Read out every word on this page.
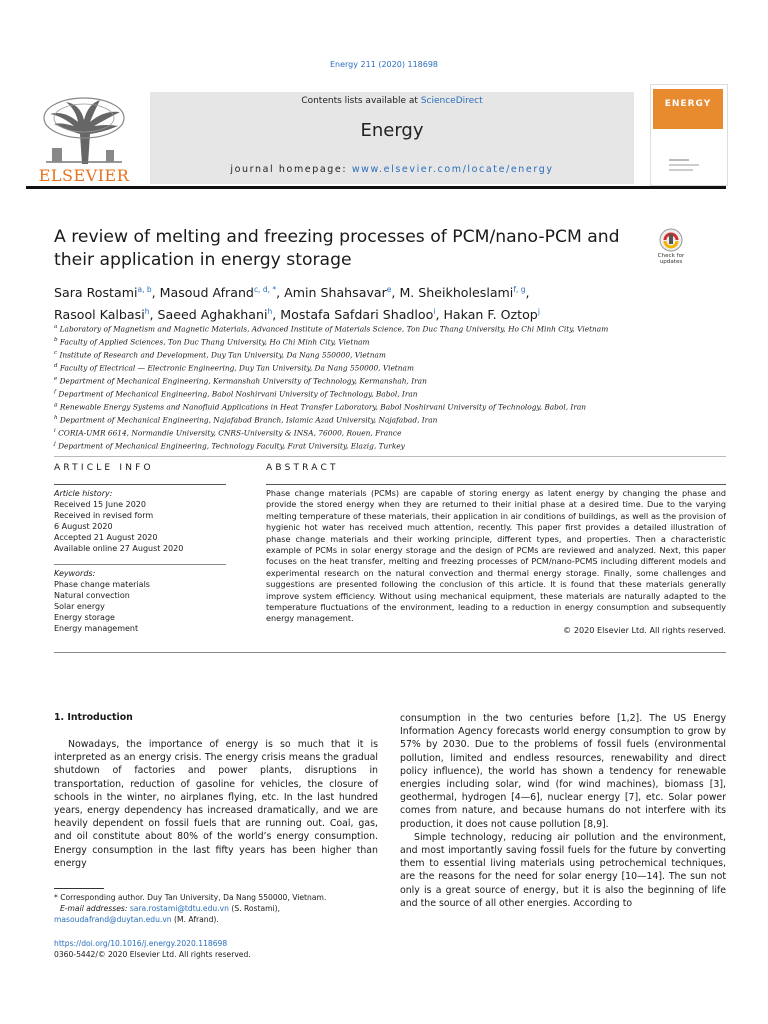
Energy 211 (2020) 118698
ELSEVIER
Contents lists available at ScienceDirect
Energy
journal homepage: www.elsevier.com/locate/energy
ENERGY
A review of melting and freezing processes of PCM/nano-PCM and their application in energy storage	Check for updates
Sara Rostami$^{a, b}$, Masoud Afrand$^{c, d, *}$, Amin Shahsavar$^e$, M. Sheikholeslami$^{f, g}$,
Rasool Kalbasi$^h$, Saeed Aghakhani$^h$, Mostafa Safdari Shadloo$^i$, Hakan F. Oztop$^j$
$^a$ Laboratory of Magnetism and Magnetic Materials, Advanced Institute of Materials Science, Ton Duc Thang University, Ho Chi Minh City, Vietnam
$^b$ Faculty of Applied Sciences, Ton Duc Thang University, Ho Chi Minh City, Vietnam
$^c$ Institute of Research and Development, Duy Tan University, Da Nang 550000, Vietnam
$^d$ Faculty of Electrical — Electronic Engineering, Duy Tan University, Da Nang 550000, Vietnam
$^e$ Department of Mechanical Engineering, Kermanshah University of Technology, Kermanshah, Iran
$^f$ Department of Mechanical Engineering, Babol Noshirvani University of Technology, Babol, Iran
$^g$ Renewable Energy Systems and Nanofluid Applications in Heat Transfer Laboratory, Babol Noshirvani University of Technology, Babol, Iran
$^h$ Department of Mechanical Engineering, Najafabad Branch, Islamic Azad University, Najafabad, Iran
$^i$ CORIA-UMR 6614, Normandie University, CNRS-University & INSA, 76000, Rouen, France
$^j$ Department of Mechanical Engineering, Technology Faculty, Fırat University, Elazig, Turkey
ARTICLE INFO	ABSTRACT
Article history:
Received 15 June 2020
Received in revised form
6 August 2020
Accepted 21 August 2020
Available online 27 August 2020
Keywords:
Phase change materials
Natural convection
Solar energy
Energy storage
Energy management
Phase change materials (PCMs) are capable of storing energy as latent energy by changing the phase and provide the stored energy when they are returned to their initial phase at a desired time. Due to the varying melting temperature of these materials, their application in air conditions of buildings, as well as the provision of hygienic hot water has received much attention, recently. This paper first provides a detailed illustration of phase change materials and their working principle, different types, and properties. Then a characteristic example of PCMs in solar energy storage and the design of PCMs are reviewed and analyzed. Next, this paper focuses on the heat transfer, melting and freezing processes of PCM/nano-PCMS including different models and experimental research on the natural convection and thermal energy storage. Finally, some challenges and suggestions are presented following the conclusion of this article. It is found that these materials generally improve system efficiency. Without using mechanical equipment, these materials are naturally adapted to the temperature fluctuations of the environment, leading to a reduction in energy consumption and subsequently energy management.
© 2020 Elsevier Ltd. All rights reserved.
1. Introduction

Nowadays, the importance of energy is so much that it is interpreted as an energy crisis. The energy crisis means the gradual shutdown of factories and power plants, disruptions in transportation, reduction of gasoline for vehicles, the closure of schools in the winter, no airplanes flying, etc. In the last hundred years, energy dependency has increased dramatically, and we are heavily dependent on fossil fuels that are running out. Coal, gas, and oil constitute about 80% of the world’s energy consumption. Energy consumption in the last fifty years has been higher than energy

consumption in the two centuries before [1,2]. The US Energy Information Agency forecasts world energy consumption to grow by 57% by 2030. Due to the problems of fossil fuels (environmental pollution, limited and endless resources, renewability and direct policy influence), the world has shown a tendency for renewable energies including solar, wind (for wind machines), biomass [3], geothermal, hydrogen [4—6], nuclear energy [7], etc. Solar power comes from nature, and because humans do not interfere with its production, it does not cause pollution [8,9].

Simple technology, reducing air pollution and the environment, and most importantly saving fossil fuels for the future by converting them to essential living materials using petrochemical techniques, are the reasons for the need for solar energy [10—14]. The sun not only is a great source of energy, but it is also the beginning of life and the source of all other energies. According to

* Corresponding author. Duy Tan University, Da Nang 550000, Vietnam.
E-mail addresses: sara.rostami@tdtu.edu.vn (S. Rostami), masoudafrand@duytan.edu.vn (M. Afrand).
https://doi.org/10.1016/j.energy.2020.118698
0360-5442/© 2020 Elsevier Ltd. All rights reserved.
